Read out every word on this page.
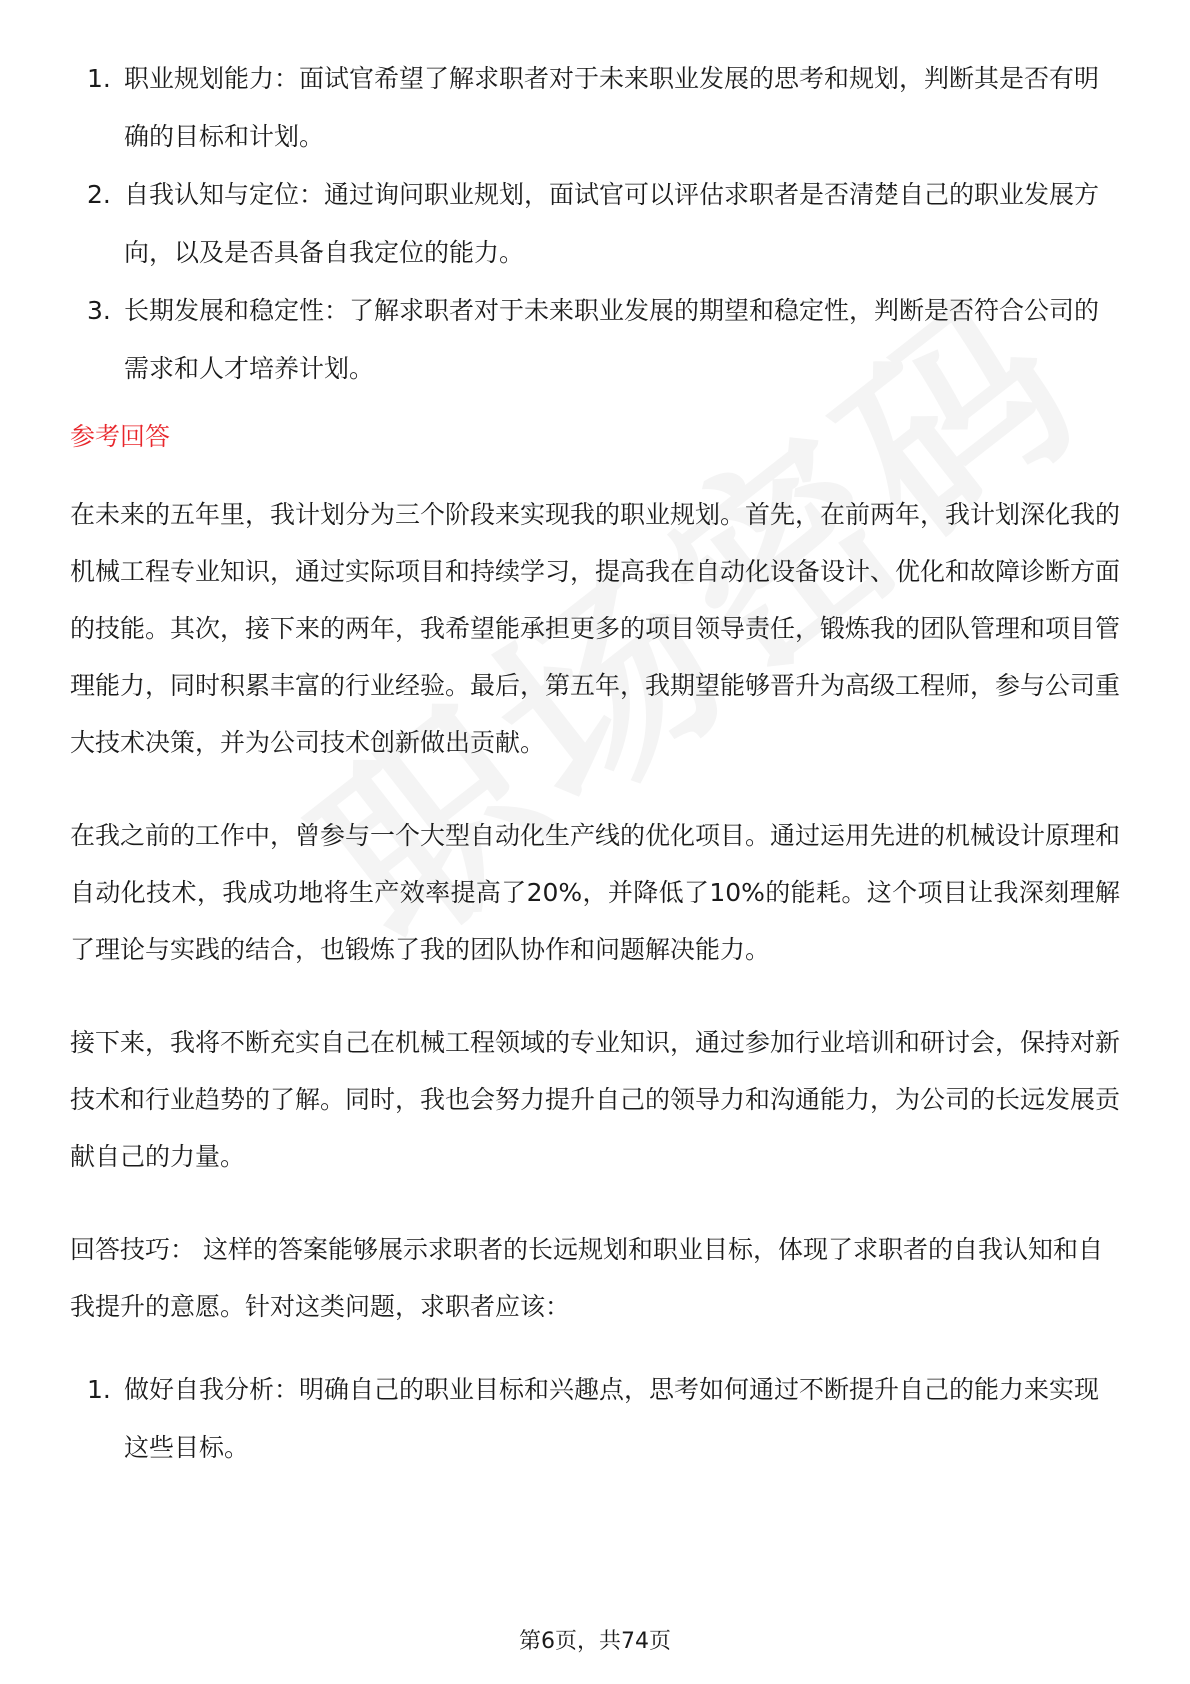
1. 职业规划能力：面试官希望了解求职者对于未来职业发展的思考和规划，判断其是否有明确的目标和计划。
2. 自我认知与定位：通过询问职业规划，面试官可以评估求职者是否清楚自己的职业发展方向，以及是否具备自我定位的能力。
3. 长期发展和稳定性：了解求职者对于未来职业发展的期望和稳定性，判断是否符合公司的需求和人才培养计划。
参考回答

在未来的五年里，我计划分为三个阶段来实现我的职业规划。首先，在前两年，我计划深化我的机械工程专业知识，通过实际项目和持续学习，提高我在自动化设备设计、优化和故障诊断方面的技能。其次，接下来的两年，我希望能承担更多的项目领导责任，锻炼我的团队管理和项目管理能力，同时积累丰富的行业经验。最后，第五年，我期望能够晋升为高级工程师，参与公司重大技术决策，并为公司技术创新做出贡献。

在我之前的工作中，曾参与一个大型自动化生产线的优化项目。通过运用先进的机械设计原理和自动化技术，我成功地将生产效率提高了20%，并降低了10%的能耗。这个项目让我深刻理解了理论与实践的结合，也锻炼了我的团队协作和问题解决能力。

接下来，我将不断充实自己在机械工程领域的专业知识，通过参加行业培训和研讨会，保持对新技术和行业趋势的了解。同时，我也会努力提升自己的领导力和沟通能力，为公司的长远发展贡献自己的力量。

回答技巧： 这样的答案能够展示求职者的长远规划和职业目标，体现了求职者的自我认知和自我提升的意愿。针对这类问题，求职者应该：

1. 做好自我分析：明确自己的职业目标和兴趣点，思考如何通过不断提升自己的能力来实现这些目标。
第6页，共74页
